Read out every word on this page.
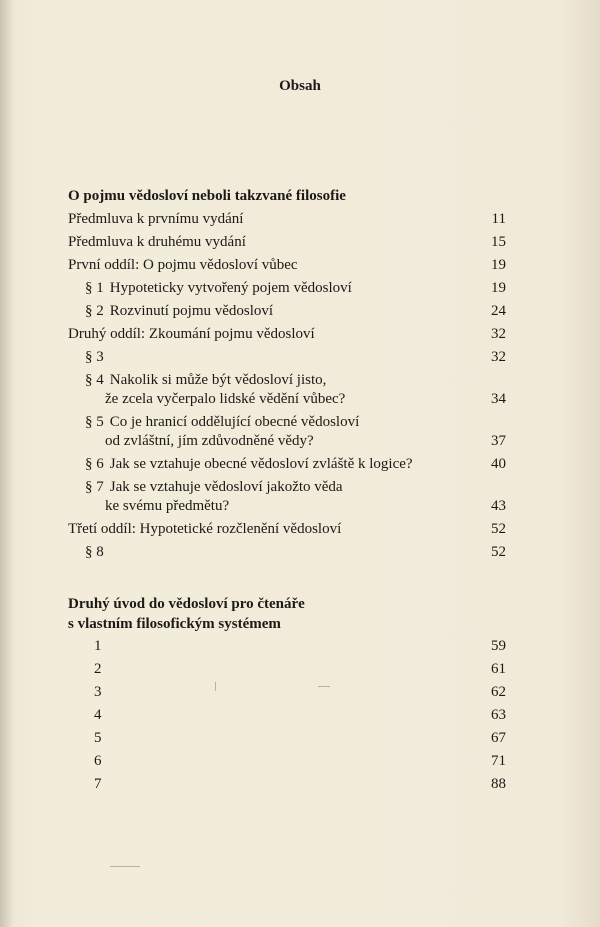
Obsah
O pojmu vědosloví neboli takzvané filosofie
Předmluva k prvnímu vydání	11
Předmluva k druhému vydání	15
První oddíl: O pojmu vědosloví vůbec	19
§ 1 Hypoteticky vytvořený pojem vědosloví	19
§ 2 Rozvinutí pojmu vědosloví	24
Druhý oddíl: Zkoumání pojmu vědosloví	32
§ 3	32
§ 4 Nakolik si může být vědosloví jisto,
že zcela vyčerpalo lidské vědění vůbec?	34
§ 5 Co je hranicí oddělující obecné vědosloví
od zvláštní, jím zdůvodněné vědy?	37
§ 6 Jak se vztahuje obecné vědosloví zvláště k logice?	40
§ 7 Jak se vztahuje vědosloví jakožto věda
ke svému předmětu?	43
Třetí oddíl: Hypotetické rozčlenění vědosloví	52
§ 8	52
Druhý úvod do vědosloví pro čtenáře
s vlastním filosofickým systémem
1	59
2	61
3	62
4	63
5	67
6	71
7	88
